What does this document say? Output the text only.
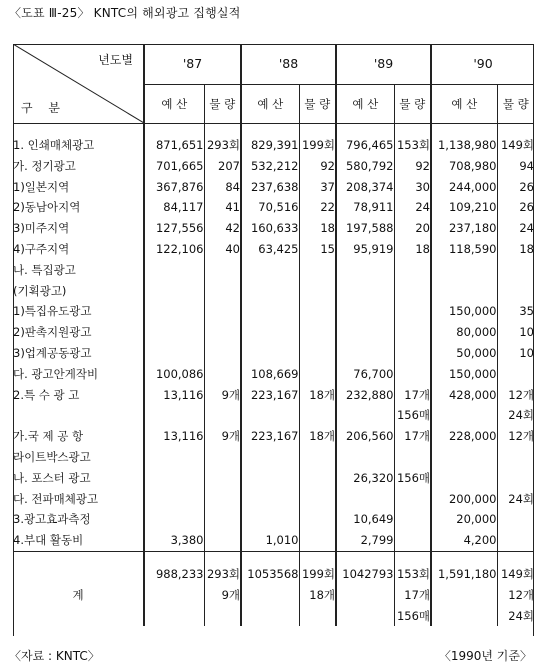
〈도표 Ⅲ-25〉 KNTC의 해외광고 집행실적
년도별
구 분	'87		'88		'89		'90	
	예 산	물 량	예 산	물 량	예 산	물 량	예 산	물 량

1. 인쇄매체광고	871,651	293회	829,391	199회	796,465	153회	1,138,980	149회
가. 정기광고	701,665	207	532,212	92	580,792	92	708,980	94
1)일본지역	367,876	84	237,638	37	208,374	30	244,000	26
2)동남아지역	84,117	41	70,516	22	78,911	24	109,210	26
3)미주지역	127,556	42	160,633	18	197,588	20	237,180	24
4)구주지역	122,106	40	63,425	15	95,919	18	118,590	18
나. 특집광고								
(기획광고)								
1)특집유도광고							150,000	35
2)판촉지원광고							80,000	10
3)업계공동광고							50,000	10
다. 광고안게작비	100,086		108,669		76,700		150,000	
2.특 수 광 고	13,116	9개	223,167	18개	232,880	17개	428,000	12개
						156매		24회
가.국 제 공 항	13,116	9개	223,167	18개	206,560	17개	228,000	12개
라이트박스광고								
나. 포스터 광고					26,320	156매		
다. 전파매체광고							200,000	24회
3.광고효과측정					10,649		20,000	
4.부대 활동비	3,380		1,010		2,799		4,200	

계	988,233	293회	1053568	199회	1042793	153회	1,591,180	149회
		9개		18개		17개		12개
						156매		24회
〈자료 : KNTC〉	〈1990년 기준〉
